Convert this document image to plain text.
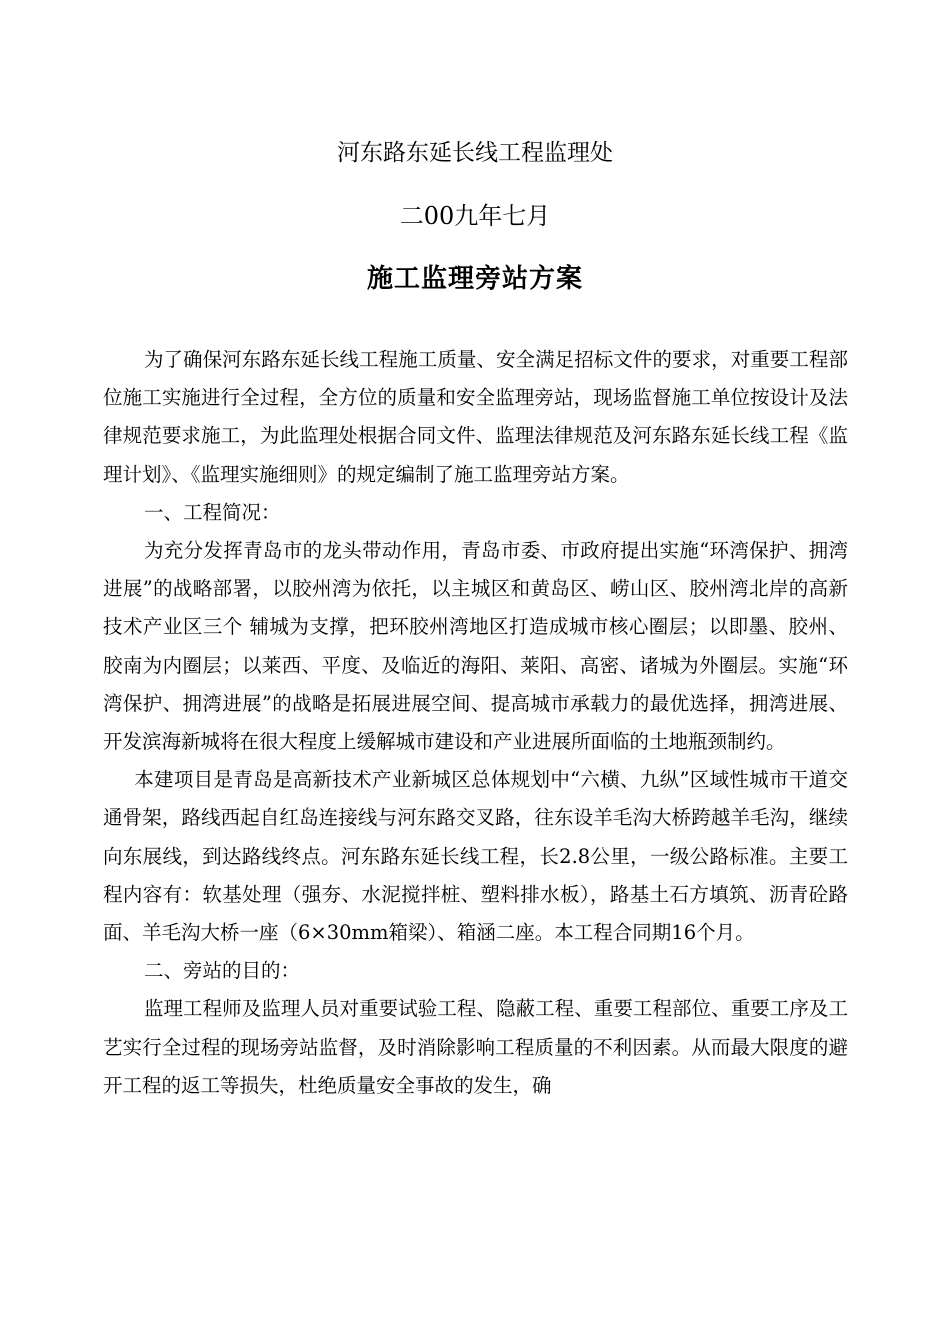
河东路东延长线工程监理处
二00九年七月
施工监理旁站方案

为了确保河东路东延长线工程施工质量、安全满足招标文件的要求，对重要工程部位施工实施进行全过程，全方位的质量和安全监理旁站，现场监督施工单位按设计及法律规范要求施工，为此监理处根据合同文件、监理法律规范及河东路东延长线工程《监理计划》、《监理实施细则》的规定编制了施工监理旁站方案。

一、工程简况：

为充分发挥青岛市的龙头带动作用，青岛市委、市政府提出实施“环湾保护、拥湾进展”的战略部署，以胶州湾为依托，以主城区和黄岛区、崂山区、胶州湾北岸的高新技术产业区三个 辅城为支撑，把环胶州湾地区打造成城市核心圈层；以即墨、胶州、胶南为内圈层；以莱西、平度、及临近的海阳、莱阳、高密、诸城为外圈层。实施“环湾保护、拥湾进展”的战略是拓展进展空间、提高城市承载力的最优选择，拥湾进展、开发滨海新城将在很大程度上缓解城市建设和产业进展所面临的土地瓶颈制约。

本建项目是青岛是高新技术产业新城区总体规划中“六横、九纵”区域性城市干道交通骨架，路线西起自红岛连接线与河东路交叉路，往东设羊毛沟大桥跨越羊毛沟，继续向东展线，到达路线终点。河东路东延长线工程，长2.8公里，一级公路标准。主要工程内容有：软基处理（强夯、水泥搅拌桩、塑料排水板），路基土石方填筑、沥青砼路面、羊毛沟大桥一座（6×30mm箱梁）、箱涵二座。本工程合同期16个月。

二、旁站的目的：

监理工程师及监理人员对重要试验工程、隐蔽工程、重要工程部位、重要工序及工艺实行全过程的现场旁站监督，及时消除影响工程质量的不利因素。从而最大限度的避开工程的返工等损失，杜绝质量安全事故的发生，确
